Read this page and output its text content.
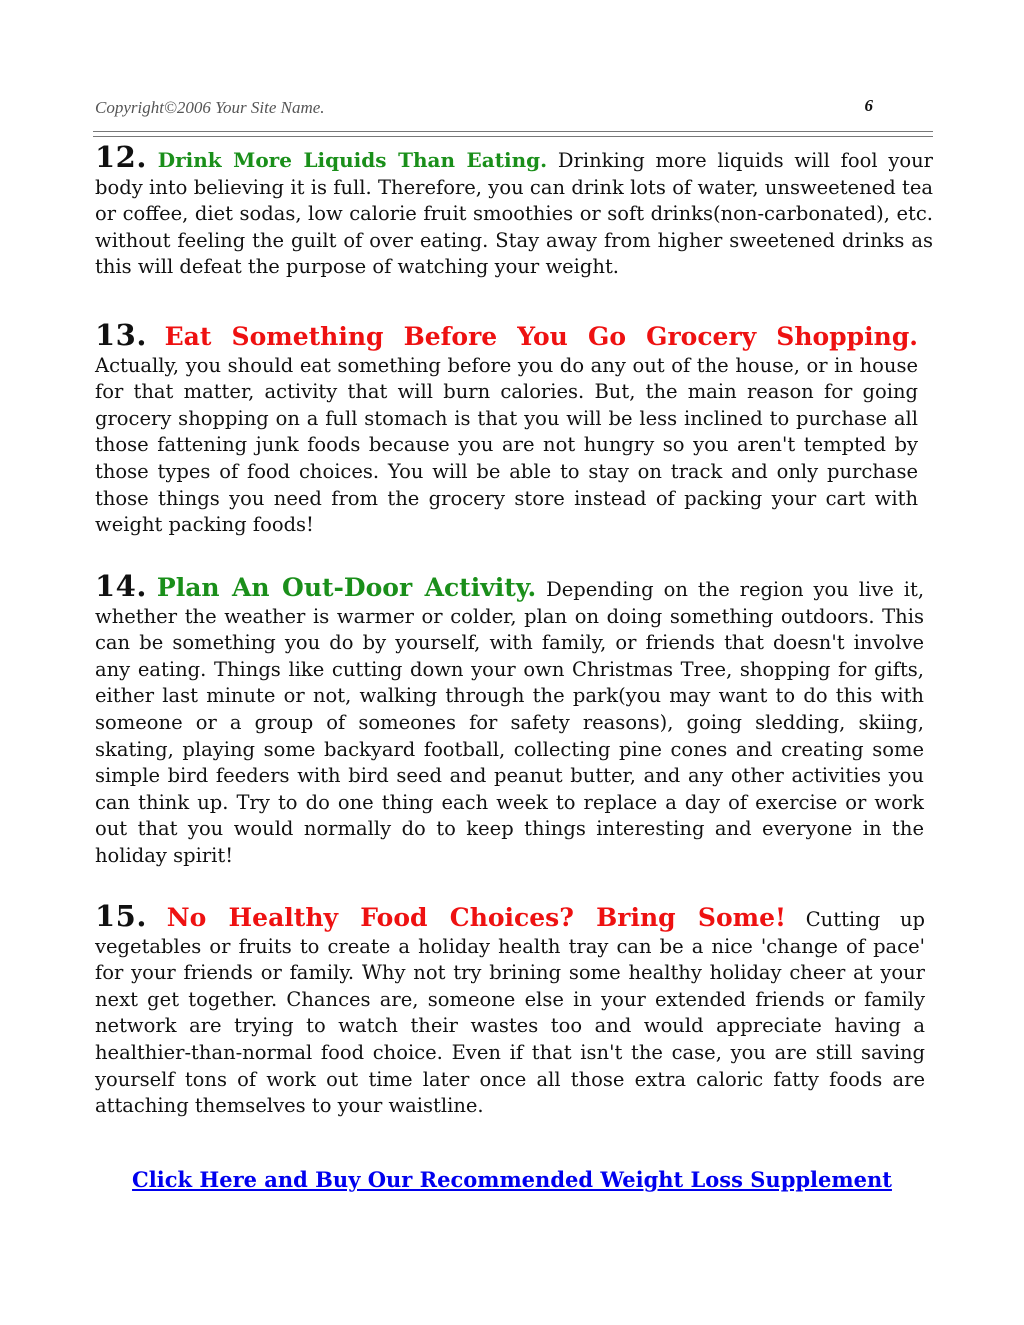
Copyright©2006 Your Site Name.	6
12. Drink More Liquids Than Eating. Drinking more liquids will fool your body into believing it is full. Therefore, you can drink lots of water, unsweetened tea or coffee, diet sodas, low calorie fruit smoothies or soft drinks(non-carbonated), etc. without feeling the guilt of over eating. Stay away from higher sweetened drinks as this will defeat the purpose of watching your weight.
13. Eat Something Before You Go Grocery Shopping. Actually, you should eat something before you do any out of the house, or in house for that matter, activity that will burn calories. But, the main reason for going grocery shopping on a full stomach is that you will be less inclined to purchase all those fattening junk foods because you are not hungry so you aren't tempted by those types of food choices. You will be able to stay on track and only purchase those things you need from the grocery store instead of packing your cart with weight packing foods!
14. Plan An Out-Door Activity. Depending on the region you live it, whether the weather is warmer or colder, plan on doing something outdoors. This can be something you do by yourself, with family, or friends that doesn't involve any eating. Things like cutting down your own Christmas Tree, shopping for gifts, either last minute or not, walking through the park(you may want to do this with someone or a group of someones for safety reasons), going sledding, skiing, skating, playing some backyard football, collecting pine cones and creating some simple bird feeders with bird seed and peanut butter, and any other activities you can think up. Try to do one thing each week to replace a day of exercise or work out that you would normally do to keep things interesting and everyone in the holiday spirit!
15. No Healthy Food Choices? Bring Some! Cutting up vegetables or fruits to create a holiday health tray can be a nice 'change of pace' for your friends or family. Why not try brining some healthy holiday cheer at your next get together. Chances are, someone else in your extended friends or family network are trying to watch their wastes too and would appreciate having a healthier-than-normal food choice. Even if that isn't the case, you are still saving yourself tons of work out time later once all those extra caloric fatty foods are attaching themselves to your waistline.
Click Here and Buy Our Recommended Weight Loss Supplement
